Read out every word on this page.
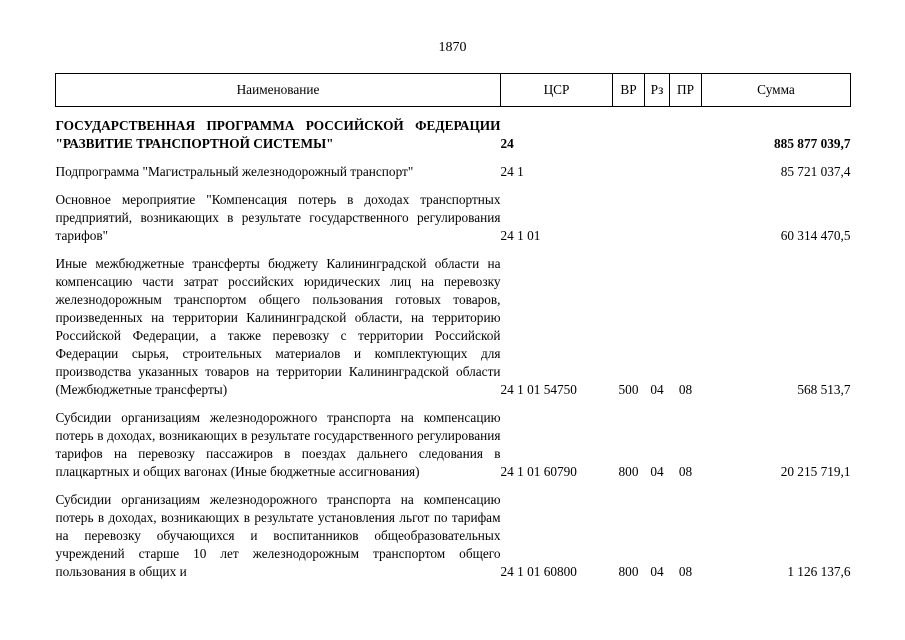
1870
Наименование	ЦСР	ВР	Рз	ПР	Сумма

ГОСУДАРСТВЕННАЯ ПРОГРАММА РОССИЙСКОЙ ФЕДЕРАЦИИ "РАЗВИТИЕ ТРАНСПОРТНОЙ СИСТЕМЫ"	24				885 877 039,7

Подпрограмма "Магистральный железнодорожный транспорт"	24 1				85 721 037,4

Основное мероприятие "Компенсация потерь в доходах транспортных предприятий, возникающих в результате государственного регулирования тарифов"	24 1 01				60 314 470,5

Иные межбюджетные трансферты бюджету Калининградской области на компенсацию части затрат российских юридических лиц на перевозку железнодорожным транспортом общего пользования готовых товаров, произведенных на территории Калининградской области, на территорию Российской Федерации, а также перевозку с территории Российской Федерации сырья, строительных материалов и комплектующих для производства указанных товаров на территории Калининградской области (Межбюджетные трансферты)	24 1 01 54750	500	04	08	568 513,7

Субсидии организациям железнодорожного транспорта на компенсацию потерь в доходах, возникающих в результате государственного регулирования тарифов на перевозку пассажиров в поездах дальнего следования в плацкартных и общих вагонах (Иные бюджетные ассигнования)	24 1 01 60790	800	04	08	20 215 719,1

Субсидии организациям железнодорожного транспорта на компенсацию потерь в доходах, возникающих в результате установления льгот по тарифам на перевозку обучающихся и воспитанников общеобразовательных учреждений старше 10 лет железнодорожным транспортом общего пользования в общих и	24 1 01 60800	800	04	08	1 126 137,6
